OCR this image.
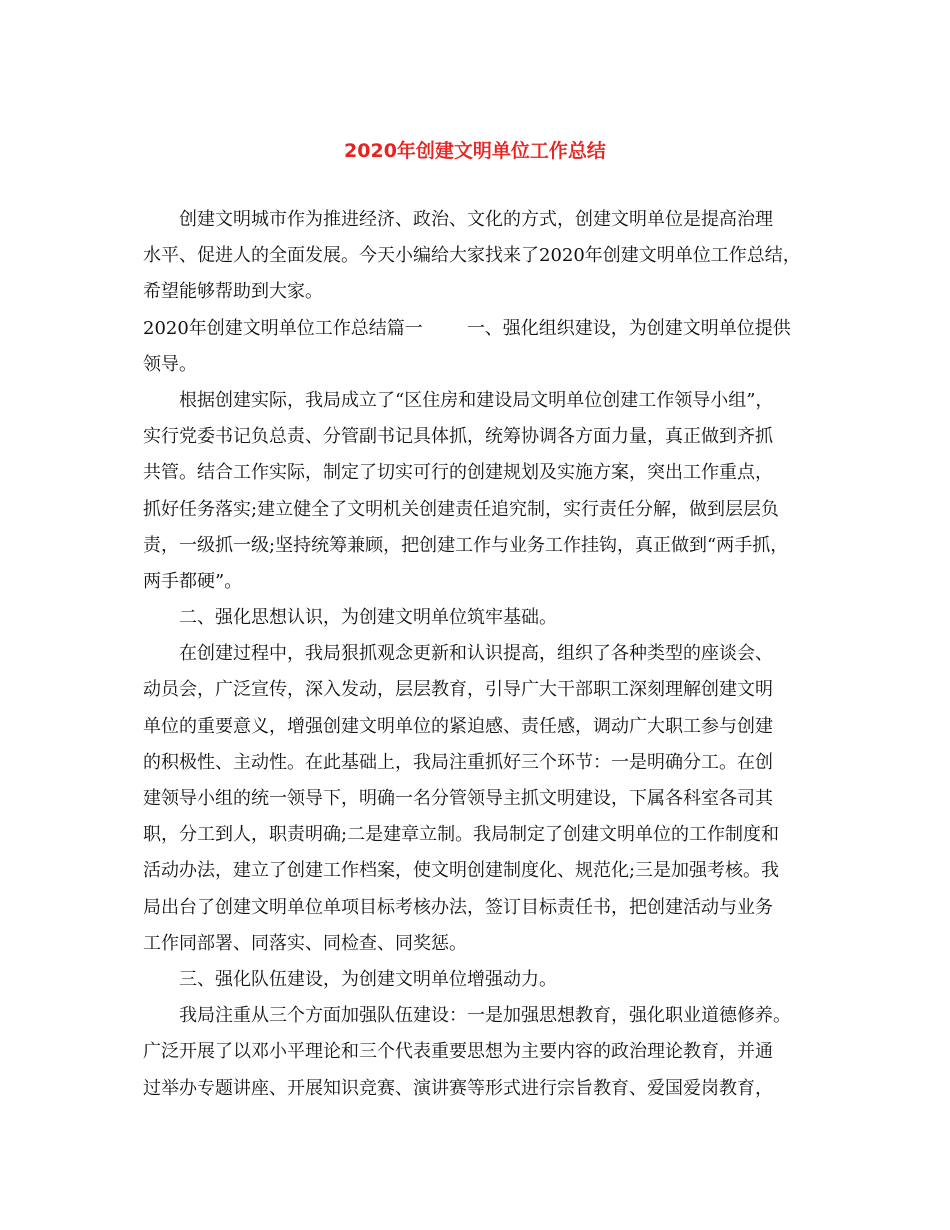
2020年创建文明单位工作总结
创建文明城市作为推进经济、政治、文化的方式，创建文明单位是提高治理
水平、促进人的全面发展。今天小编给大家找来了2020年创建文明单位工作总结，
希望能够帮助到大家。
2020年创建文明单位工作总结篇一 一、强化组织建设，为创建文明单位提供
领导。
根据创建实际，我局成立了“区住房和建设局文明单位创建工作领导小组”，
实行党委书记负总责、分管副书记具体抓，统筹协调各方面力量，真正做到齐抓
共管。结合工作实际，制定了切实可行的创建规划及实施方案，突出工作重点，
抓好任务落实;建立健全了文明机关创建责任追究制，实行责任分解，做到层层负
责，一级抓一级;坚持统筹兼顾，把创建工作与业务工作挂钩，真正做到“两手抓，
两手都硬”。
二、强化思想认识，为创建文明单位筑牢基础。
在创建过程中，我局狠抓观念更新和认识提高，组织了各种类型的座谈会、
动员会，广泛宣传，深入发动，层层教育，引导广大干部职工深刻理解创建文明
单位的重要意义，增强创建文明单位的紧迫感、责任感，调动广大职工参与创建
的积极性、主动性。在此基础上，我局注重抓好三个环节：一是明确分工。在创
建领导小组的统一领导下，明确一名分管领导主抓文明建设，下属各科室各司其
职，分工到人，职责明确;二是建章立制。我局制定了创建文明单位的工作制度和
活动办法，建立了创建工作档案，使文明创建制度化、规范化;三是加强考核。我
局出台了创建文明单位单项目标考核办法，签订目标责任书，把创建活动与业务
工作同部署、同落实、同检查、同奖惩。
三、强化队伍建设，为创建文明单位增强动力。
我局注重从三个方面加强队伍建设：一是加强思想教育，强化职业道德修养。
广泛开展了以邓小平理论和三个代表重要思想为主要内容的政治理论教育，并通
过举办专题讲座、开展知识竞赛、演讲赛等形式进行宗旨教育、爱国爱岗教育，
